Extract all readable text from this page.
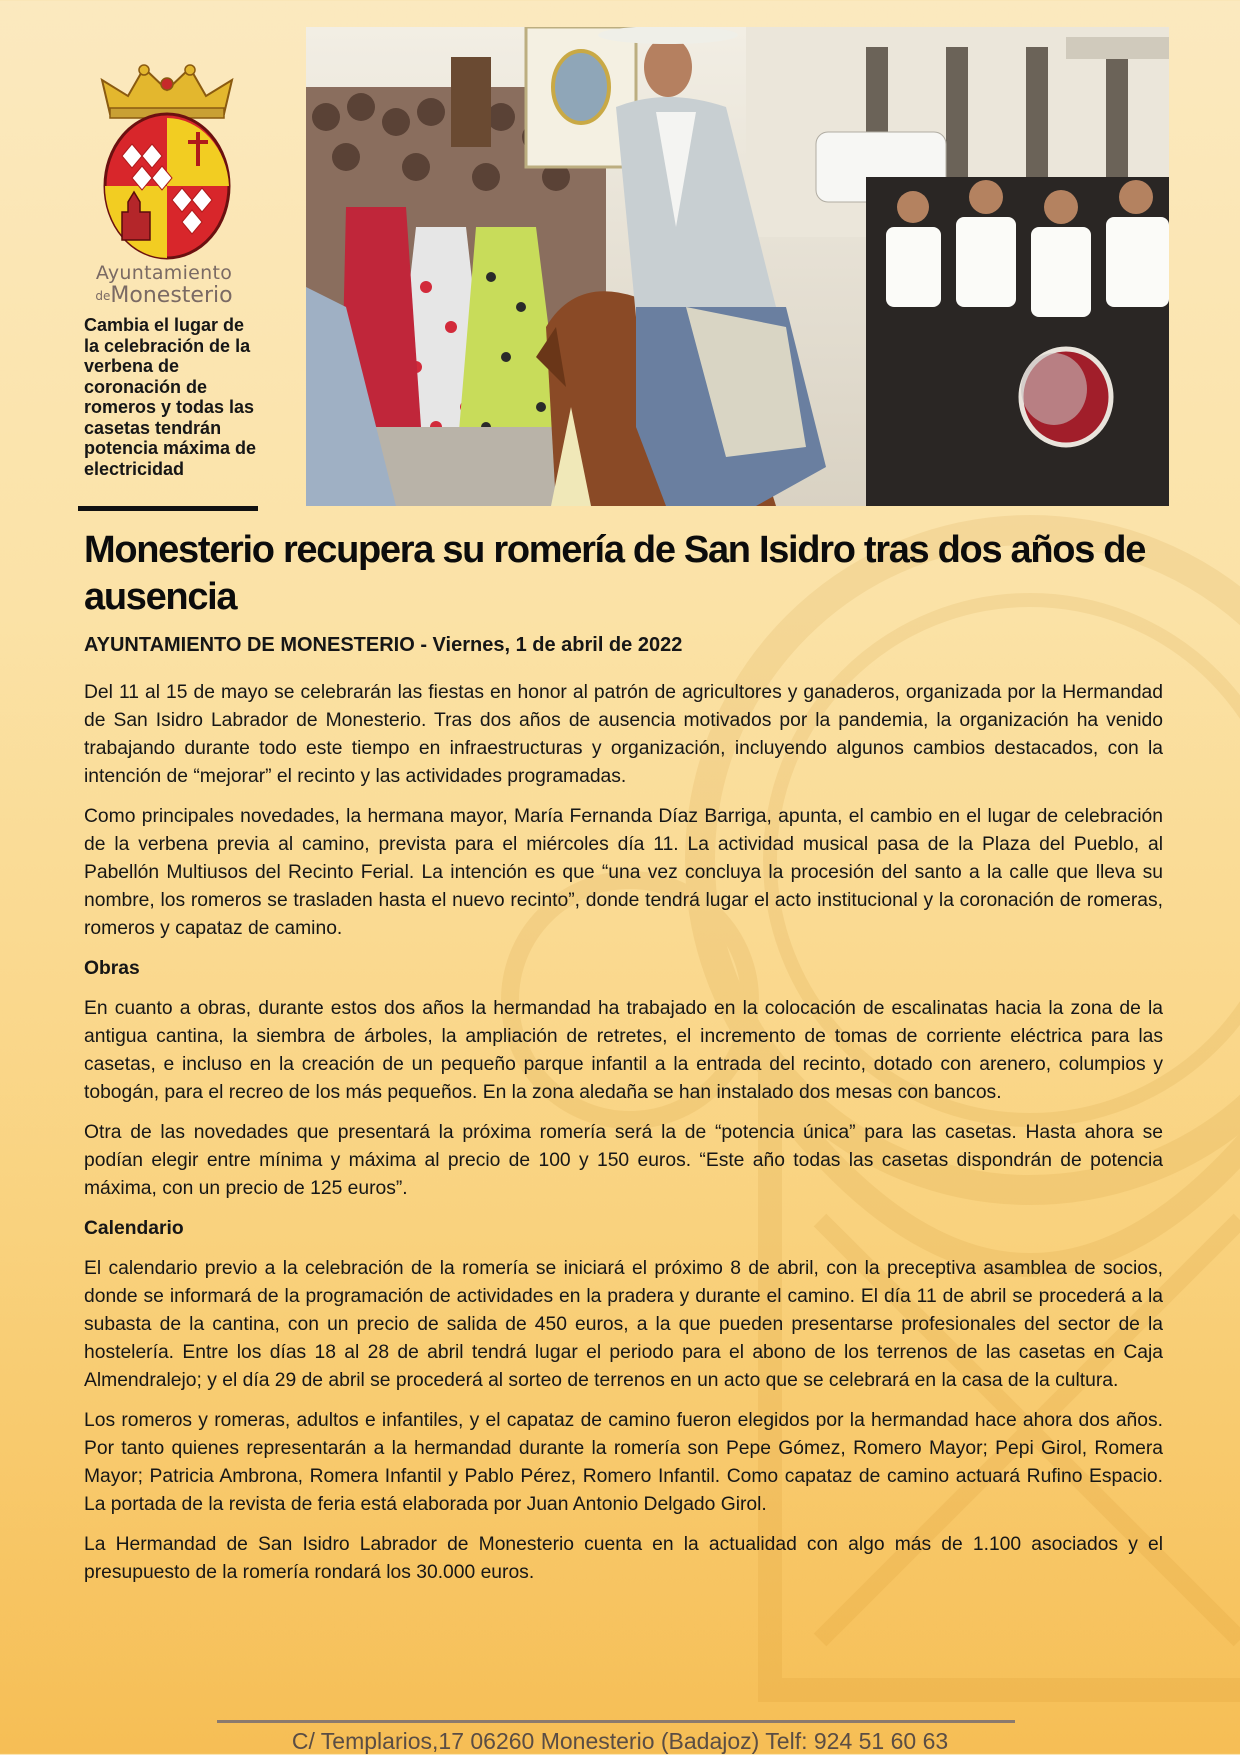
Ayuntamiento
deMonesterio

Cambia el lugar de la celebración de la verbena de coronación de romeros y todas las casetas tendrán potencia máxima de electricidad

Monesterio recupera su romería de San Isidro tras dos años de ausencia

AYUNTAMIENTO DE MONESTERIO - Viernes, 1 de abril de 2022

Del 11 al 15 de mayo se celebrarán las fiestas en honor al patrón de agricultores y ganaderos, organizada por la Hermandad de San Isidro Labrador de Monesterio. Tras dos años de ausencia motivados por la pandemia, la organización ha venido trabajando durante todo este tiempo en infraestructuras y organización, incluyendo algunos cambios destacados, con la intención de “mejorar” el recinto y las actividades programadas.

Como principales novedades, la hermana mayor, María Fernanda Díaz Barriga, apunta, el cambio en el lugar de celebración de la verbena previa al camino, prevista para el miércoles día 11. La actividad musical pasa de la Plaza del Pueblo, al Pabellón Multiusos del Recinto Ferial. La intención es que “una vez concluya la procesión del santo a la calle que lleva su nombre, los romeros se trasladen hasta el nuevo recinto”, donde tendrá lugar el acto institucional y la coronación de romeras, romeros y capataz de camino.

Obras

En cuanto a obras, durante estos dos años la hermandad ha trabajado en la colocación de escalinatas hacia la zona de la antigua cantina, la siembra de árboles, la ampliación de retretes, el incremento de tomas de corriente eléctrica para las casetas, e incluso en la creación de un pequeño parque infantil a la entrada del recinto, dotado con arenero, columpios y tobogán, para el recreo de los más pequeños. En la zona aledaña se han instalado dos mesas con bancos.

Otra de las novedades que presentará la próxima romería será la de “potencia única” para las casetas. Hasta ahora se podían elegir entre mínima y máxima al precio de 100 y 150 euros. “Este año todas las casetas dispondrán de potencia máxima, con un precio de 125 euros”.

Calendario

El calendario previo a la celebración de la romería se iniciará el próximo 8 de abril, con la preceptiva asamblea de socios, donde se informará de la programación de actividades en la pradera y durante el camino. El día 11 de abril se procederá a la subasta de la cantina, con un precio de salida de 450 euros, a la que pueden presentarse profesionales del sector de la hostelería. Entre los días 18 al 28 de abril tendrá lugar el periodo para el abono de los terrenos de las casetas en Caja Almendralejo; y el día 29 de abril se procederá al sorteo de terrenos en un acto que se celebrará en la casa de la cultura.

Los romeros y romeras, adultos e infantiles, y el capataz de camino fueron elegidos por la hermandad hace ahora dos años. Por tanto quienes representarán a la hermandad durante la romería son Pepe Gómez, Romero Mayor; Pepi Girol, Romera Mayor; Patricia Ambrona, Romera Infantil y Pablo Pérez, Romero Infantil. Como capataz de camino actuará Rufino Espacio. La portada de la revista de feria está elaborada por Juan Antonio Delgado Girol.

La Hermandad de San Isidro Labrador de Monesterio cuenta en la actualidad con algo más de 1.100 asociados y el presupuesto de la romería rondará los 30.000 euros.

C/ Templarios,17 06260 Monesterio (Badajoz) Telf: 924 51 60 63
